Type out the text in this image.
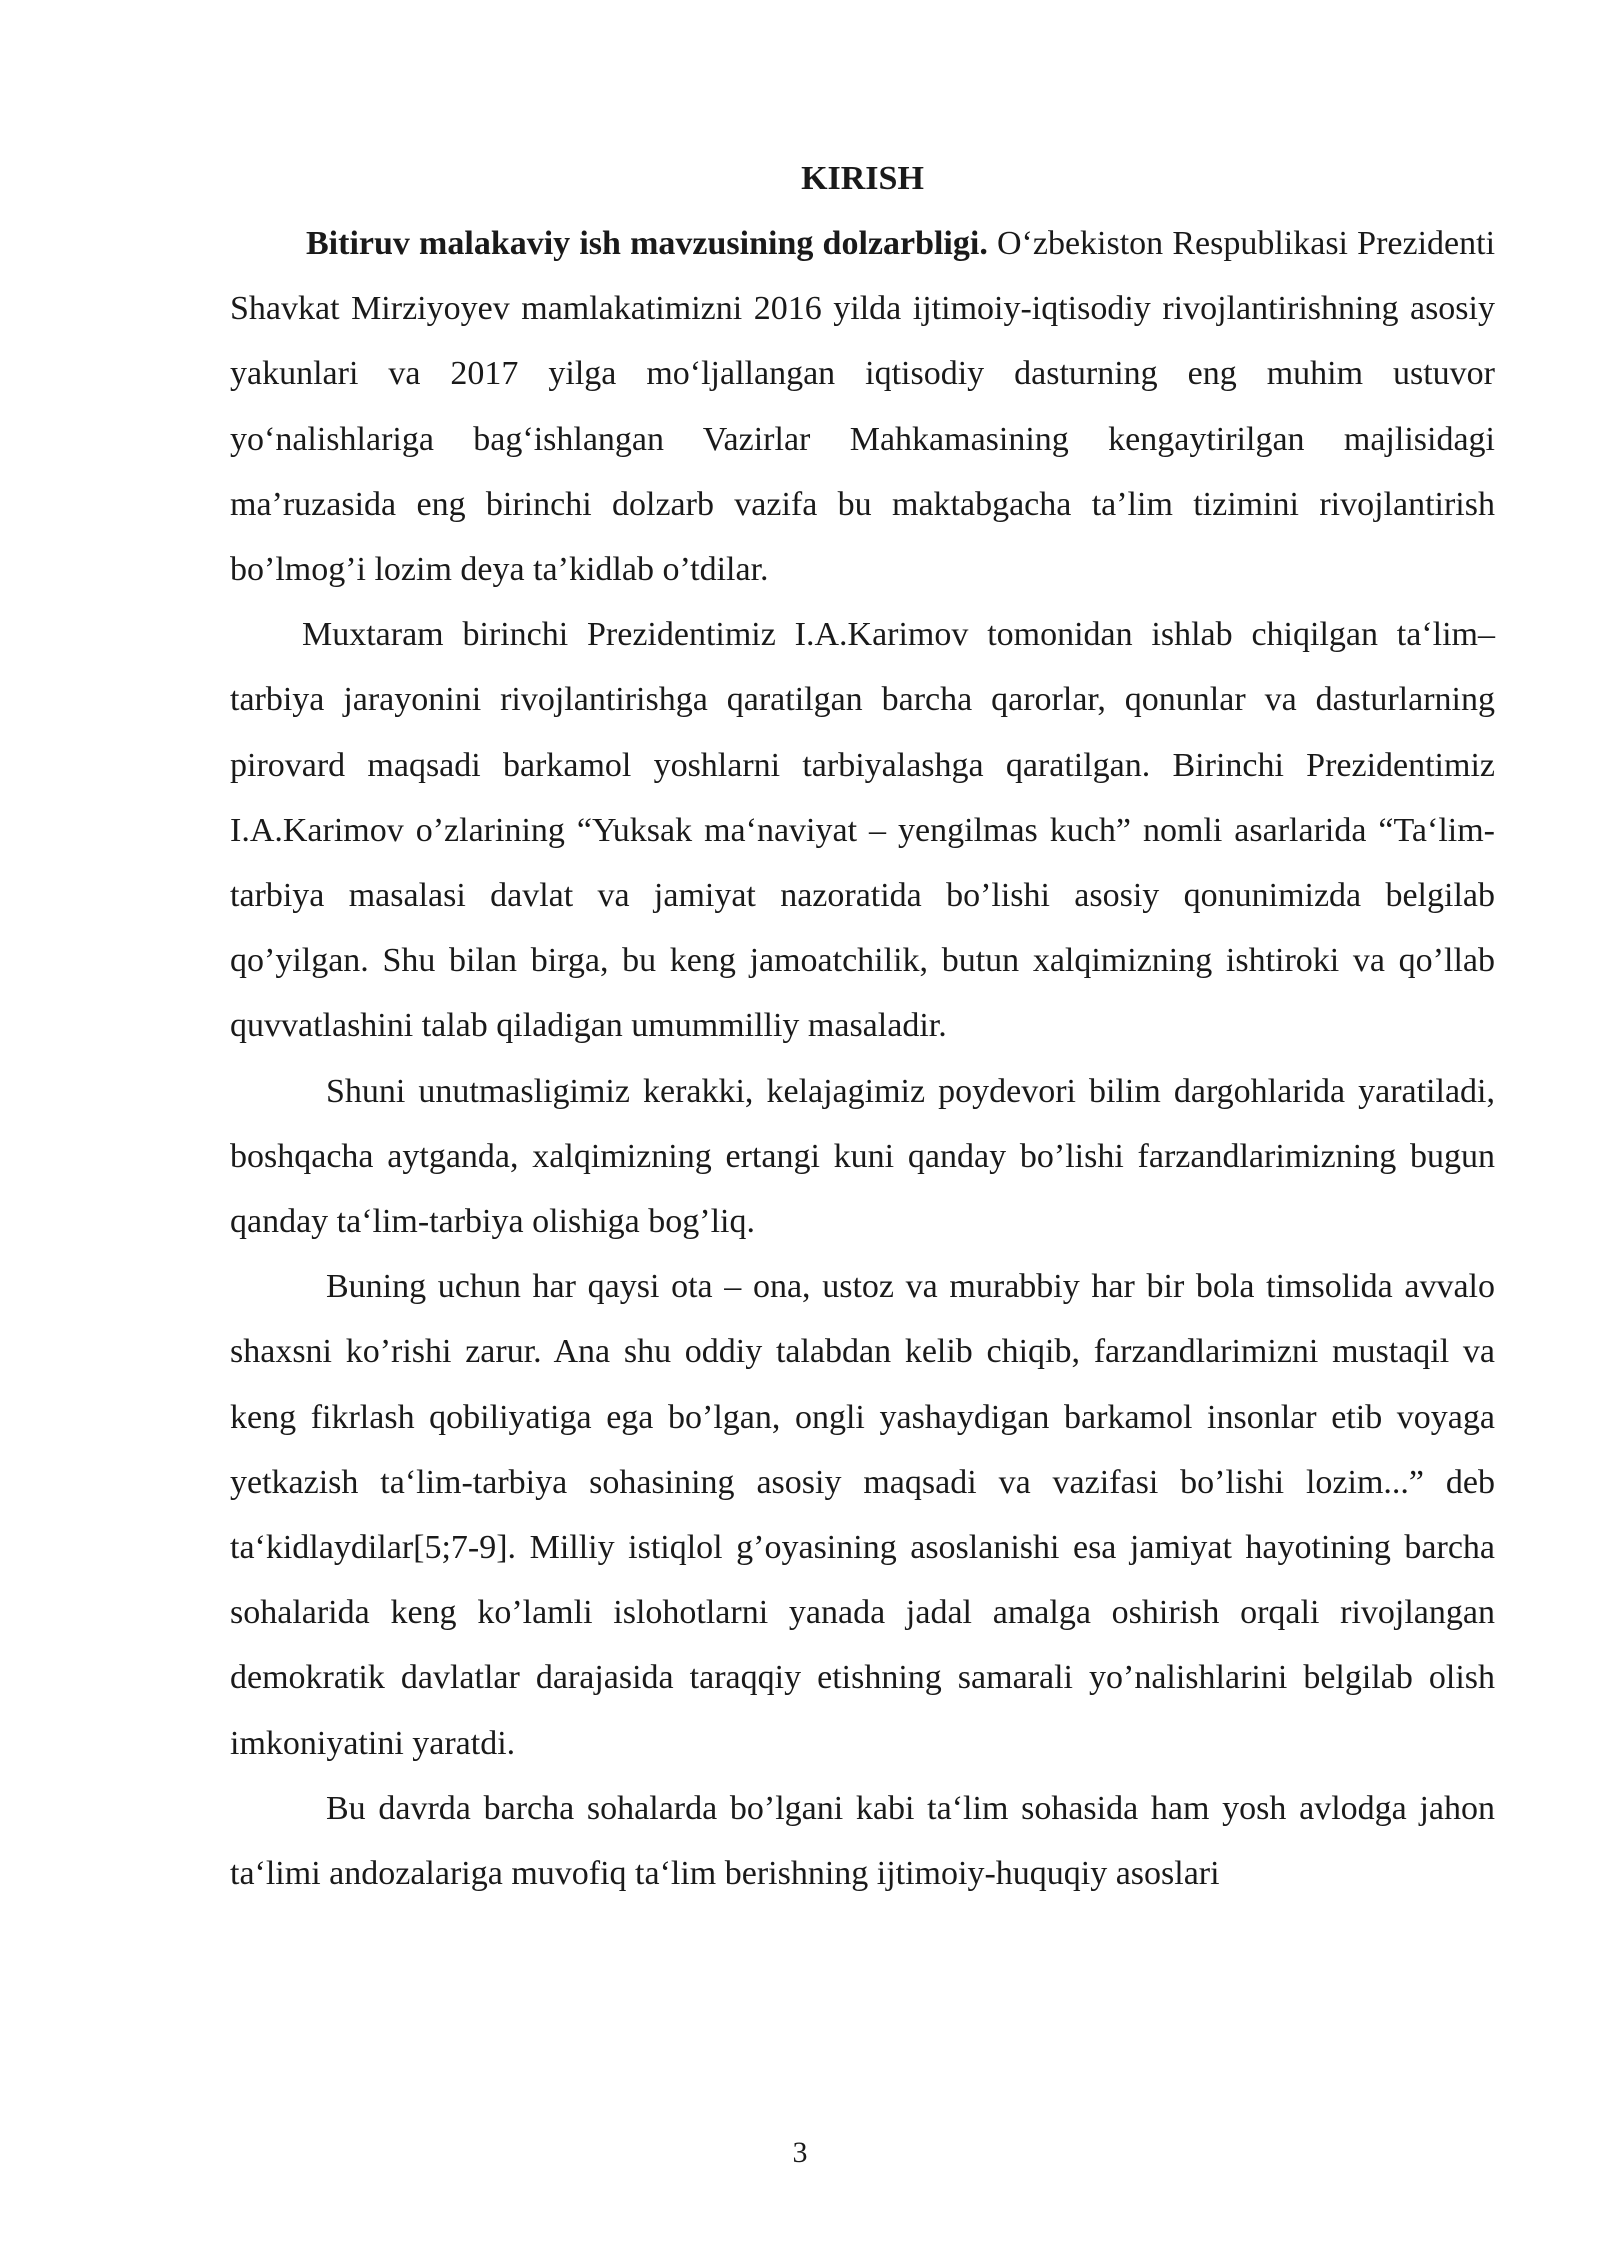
KIRISH

Bitiruv malakaviy ish mavzusining dolzarbligi. O‘zbekiston Respublikasi Prezidenti Shavkat Mirziyoyev mamlakatimizni 2016 yilda ijtimoiy-iqtisodiy rivojlantirishning asosiy yakunlari va 2017 yilga mo‘ljallangan iqtisodiy dasturning eng muhim ustuvor yo‘nalishlariga bag‘ishlangan Vazirlar Mahkamasining kengaytirilgan majlisidagi ma’ruzasida eng birinchi dolzarb vazifa bu maktabgacha ta’lim tizimini rivojlantirish bo’lmog’i lozim deya ta’kidlab o’tdilar.

Muxtaram birinchi Prezidentimiz I.A.Karimov tomonidan ishlab chiqilgan ta‘lim–tarbiya jarayonini rivojlantirishga qaratilgan barcha qarorlar, qonunlar va dasturlarning pirovard maqsadi barkamol yoshlarni tarbiyalashga qaratilgan. Birinchi Prezidentimiz I.A.Karimov o’zlarining “Yuksak ma‘naviyat – yengilmas kuch” nomli asarlarida “Ta‘lim-tarbiya masalasi davlat va jamiyat nazoratida bo’lishi asosiy qonunimizda belgilab qo’yilgan. Shu bilan birga, bu keng jamoatchilik, butun xalqimizning ishtiroki va qo’llab quvvatlashini talab qiladigan umummilliy masaladir.

Shuni unutmasligimiz kerakki, kelajagimiz poydevori bilim dargohlarida yaratiladi, boshqacha aytganda, xalqimizning ertangi kuni qanday bo’lishi farzandlarimizning bugun qanday ta‘lim-tarbiya olishiga bog’liq.

Buning uchun har qaysi ota – ona, ustoz va murabbiy har bir bola timsolida avvalo shaxsni ko’rishi zarur. Ana shu oddiy talabdan kelib chiqib, farzandlarimizni mustaqil va keng fikrlash qobiliyatiga ega bo’lgan, ongli yashaydigan barkamol insonlar etib voyaga yetkazish ta‘lim-tarbiya sohasining asosiy maqsadi va vazifasi bo’lishi lozim...” deb ta‘kidlaydilar[5;7-9]. Milliy istiqlol g’oyasining asoslanishi esa jamiyat hayotining barcha sohalarida keng ko’lamli islohotlarni yanada jadal amalga oshirish orqali rivojlangan demokratik davlatlar darajasida taraqqiy etishning samarali yo’nalishlarini belgilab olish imkoniyatini yaratdi.

Bu davrda barcha sohalarda bo’lgani kabi ta‘lim sohasida ham yosh avlodga jahon ta‘limi andozalariga muvofiq ta‘lim berishning ijtimoiy-huquqiy asoslari

3
